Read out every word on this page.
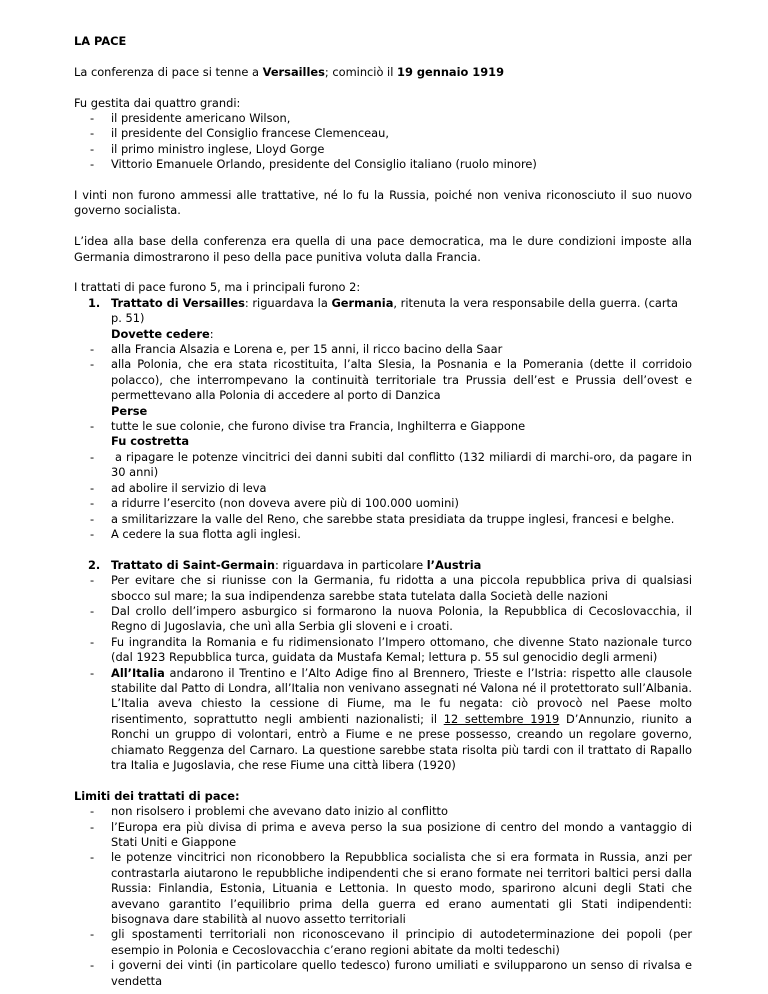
LA PACE

La conferenza di pace si tenne a Versailles; cominciò il 19 gennaio 1919

Fu gestita dai quattro grandi:

- il presidente americano Wilson,
- il presidente del Consiglio francese Clemenceau,
- il primo ministro inglese, Lloyd Gorge
- Vittorio Emanuele Orlando, presidente del Consiglio italiano (ruolo minore)

I vinti non furono ammessi alle trattative, né lo fu la Russia, poiché non veniva riconosciuto il suo nuovo governo socialista.

L’idea alla base della conferenza era quella di una pace democratica, ma le dure condizioni imposte alla Germania dimostrarono il peso della pace punitiva voluta dalla Francia.

I trattati di pace furono 5, ma i principali furono 2:

1. Trattato di Versailles: riguardava la Germania, ritenuta la vera responsabile della guerra. (carta p. 51)

Dovette cedere:

- alla Francia Alsazia e Lorena e, per 15 anni, il ricco bacino della Saar
- alla Polonia, che era stata ricostituita, l’alta Slesia, la Posnania e la Pomerania (dette il corridoio polacco), che interrompevano la continuità territoriale tra Prussia dell’est e Prussia dell’ovest e permettevano alla Polonia di accedere al porto di Danzica

Perse

- tutte le sue colonie, che furono divise tra Francia, Inghilterra e Giappone

Fu costretta

-  a ripagare le potenze vincitrici dei danni subiti dal conflitto (132 miliardi di marchi-oro, da pagare in 30 anni)
- ad abolire il servizio di leva
- a ridurre l’esercito (non doveva avere più di 100.000 uomini)
- a smilitarizzare la valle del Reno, che sarebbe stata presidiata da truppe inglesi, francesi e belghe.
- A cedere la sua flotta agli inglesi.
2. Trattato di Saint-Germain: riguardava in particolare l’Austria
- Per evitare che si riunisse con la Germania, fu ridotta a una piccola repubblica priva di qualsiasi sbocco sul mare; la sua indipendenza sarebbe stata tutelata dalla Società delle nazioni
- Dal crollo dell’impero asburgico si formarono la nuova Polonia, la Repubblica di Cecoslovacchia, il Regno di Jugoslavia, che unì alla Serbia gli sloveni e i croati.
- Fu ingrandita la Romania e fu ridimensionato l’Impero ottomano, che divenne Stato nazionale turco (dal 1923 Repubblica turca, guidata da Mustafa Kemal; lettura p. 55 sul genocidio degli armeni)
- All’Italia andarono il Trentino e l’Alto Adige fino al Brennero, Trieste e l’Istria: rispetto alle clausole stabilite dal Patto di Londra, all’Italia non venivano assegnati né Valona né il protettorato sull’Albania. L’Italia aveva chiesto la cessione di Fiume, ma le fu negata: ciò provocò nel Paese molto risentimento, soprattutto negli ambienti nazionalisti; il 12 settembre 1919 D’Annunzio, riunito a Ronchi un gruppo di volontari, entrò a Fiume e ne prese possesso, creando un regolare governo, chiamato Reggenza del Carnaro. La questione sarebbe stata risolta più tardi con il trattato di Rapallo tra Italia e Jugoslavia, che rese Fiume una città libera (1920)

Limiti dei trattati di pace:

- non risolsero i problemi che avevano dato inizio al conflitto
- l’Europa era più divisa di prima e aveva perso la sua posizione di centro del mondo a vantaggio di Stati Uniti e Giappone
- le potenze vincitrici non riconobbero la Repubblica socialista che si era formata in Russia, anzi per contrastarla aiutarono le repubbliche indipendenti che si erano formate nei territori baltici persi dalla Russia: Finlandia, Estonia, Lituania e Lettonia. In questo modo, sparirono alcuni degli Stati che avevano garantito l’equilibrio prima della guerra ed erano aumentati gli Stati indipendenti: bisognava dare stabilità al nuovo assetto territoriali
- gli spostamenti territoriali non riconoscevano il principio di autodeterminazione dei popoli (per esempio in Polonia e Cecoslovacchia c’erano regioni abitate da molti tedeschi)
- i governi dei vinti (in particolare quello tedesco) furono umiliati e svilupparono un senso di rivalsa e vendetta
